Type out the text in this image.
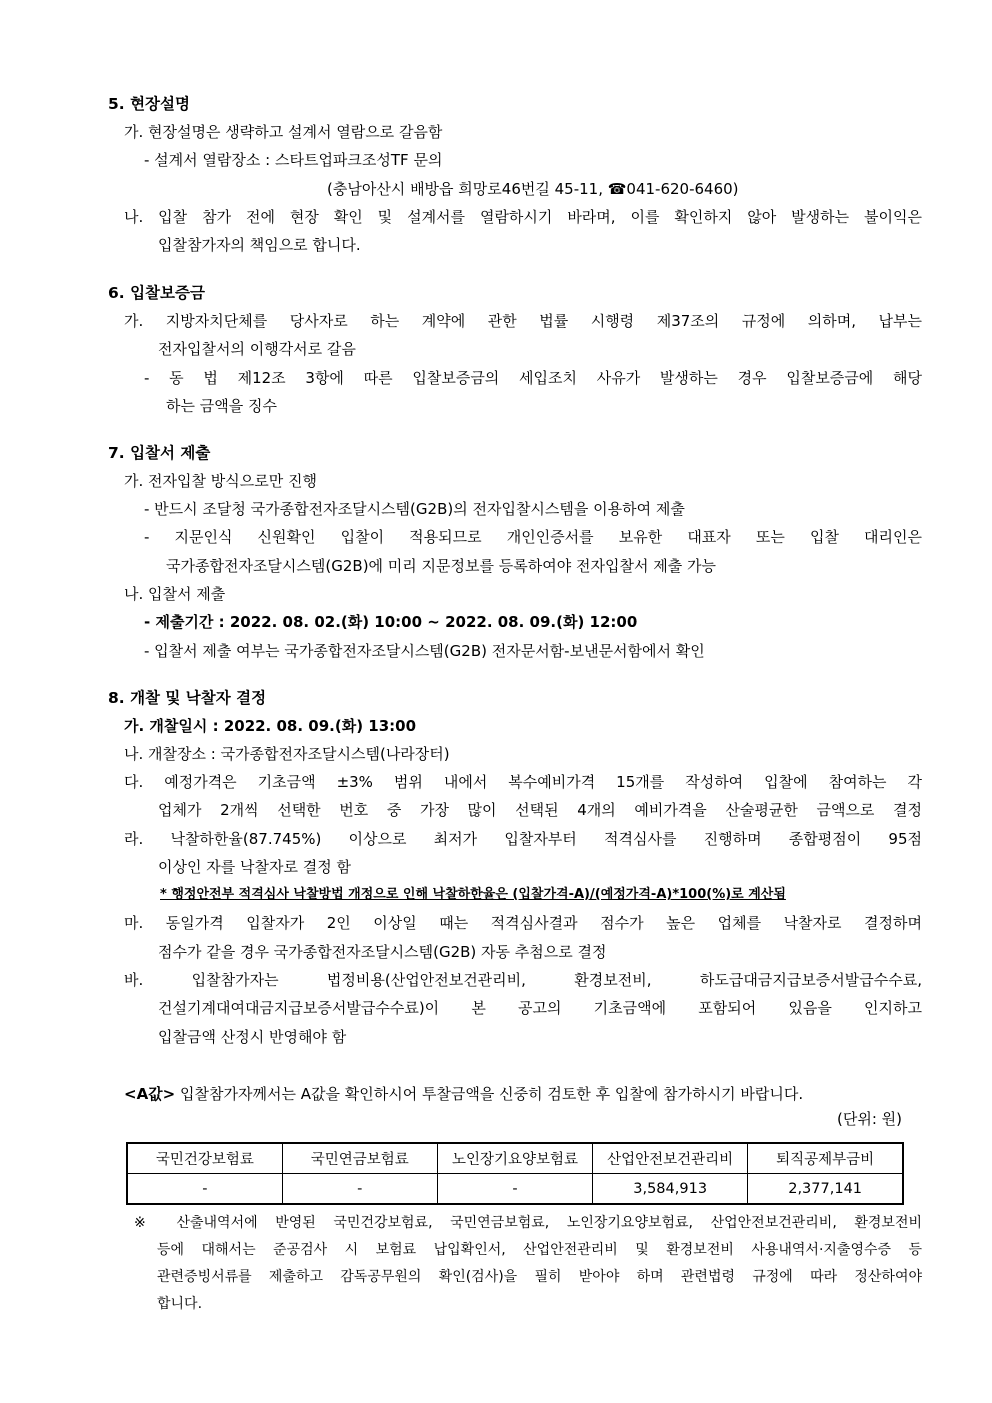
5. 현장설명
가. 현장설명은 생략하고 설계서 열람으로 갈음함
- 설계서 열람장소 : 스타트업파크조성TF 문의
(충남아산시 배방읍 희망로46번길 45-11, ☎041-620-6460)
나. 입찰 참가 전에 현장 확인 및 설계서를 열람하시기 바라며, 이를 확인하지 않아 발생하는 불이익은
입찰참가자의 책임으로 합니다.
6. 입찰보증금
가. 지방자치단체를 당사자로 하는 계약에 관한 법률 시행령 제37조의 규정에 의하며, 납부는
전자입찰서의 이행각서로 갈음
- 동 법 제12조 3항에 따른 입찰보증금의 세입조치 사유가 발생하는 경우 입찰보증금에 해당
하는 금액을 징수
7. 입찰서 제출
가. 전자입찰 방식으로만 진행
- 반드시 조달청 국가종합전자조달시스템(G2B)의 전자입찰시스템을 이용하여 제출
- 지문인식 신원확인 입찰이 적용되므로 개인인증서를 보유한 대표자 또는 입찰 대리인은
국가종합전자조달시스템(G2B)에 미리 지문정보를 등록하여야 전자입찰서 제출 가능
나. 입찰서 제출
- 제출기간 : 2022. 08. 02.(화) 10:00 ~ 2022. 08. 09.(화) 12:00
- 입찰서 제출 여부는 국가종합전자조달시스템(G2B) 전자문서함-보낸문서함에서 확인
8. 개찰 및 낙찰자 결정
가. 개찰일시 : 2022. 08. 09.(화) 13:00
나. 개찰장소 : 국가종합전자조달시스템(나라장터)
다. 예정가격은 기초금액 ±3% 범위 내에서 복수예비가격 15개를 작성하여 입찰에 참여하는 각
업체가 2개씩 선택한 번호 중 가장 많이 선택된 4개의 예비가격을 산술평균한 금액으로 결정
라. 낙찰하한율(87.745%) 이상으로 최저가 입찰자부터 적격심사를 진행하며 종합평점이 95점
이상인 자를 낙찰자로 결정 함
* 행정안전부 적격심사 낙찰방법 개정으로 인해 낙찰하한율은 (입찰가격-A)/(예정가격-A)*100(%)로 계산됨
마. 동일가격 입찰자가 2인 이상일 때는 적격심사결과 점수가 높은 업체를 낙찰자로 결정하며
점수가 같을 경우 국가종합전자조달시스템(G2B) 자동 추첨으로 결정
바. 입찰참가자는 법정비용(산업안전보건관리비, 환경보전비, 하도급대금지급보증서발급수수료,
건설기계대여대금지급보증서발급수수료)이 본 공고의 기초금액에 포함되어 있음을 인지하고
입찰금액 산정시 반영해야 함
<A값> 입찰참가자께서는 A값을 확인하시어 투찰금액을 신중히 검토한 후 입찰에 참가하시기 바랍니다.
(단위: 원)
국민건강보험료	국민연금보험료	노인장기요양보험료	산업안전보건관리비	퇴직공제부금비
-	-	-	3,584,913	2,377,141
※ 산출내역서에 반영된 국민건강보험료, 국민연금보험료, 노인장기요양보험료, 산업안전보건관리비, 환경보전비
등에 대해서는 준공검사 시 보험료 납입확인서, 산업안전관리비 및 환경보전비 사용내역서·지출영수증 등
관련증빙서류를 제출하고 감독공무원의 확인(검사)을 필히 받아야 하며 관련법령 규정에 따라 정산하여야
합니다.
